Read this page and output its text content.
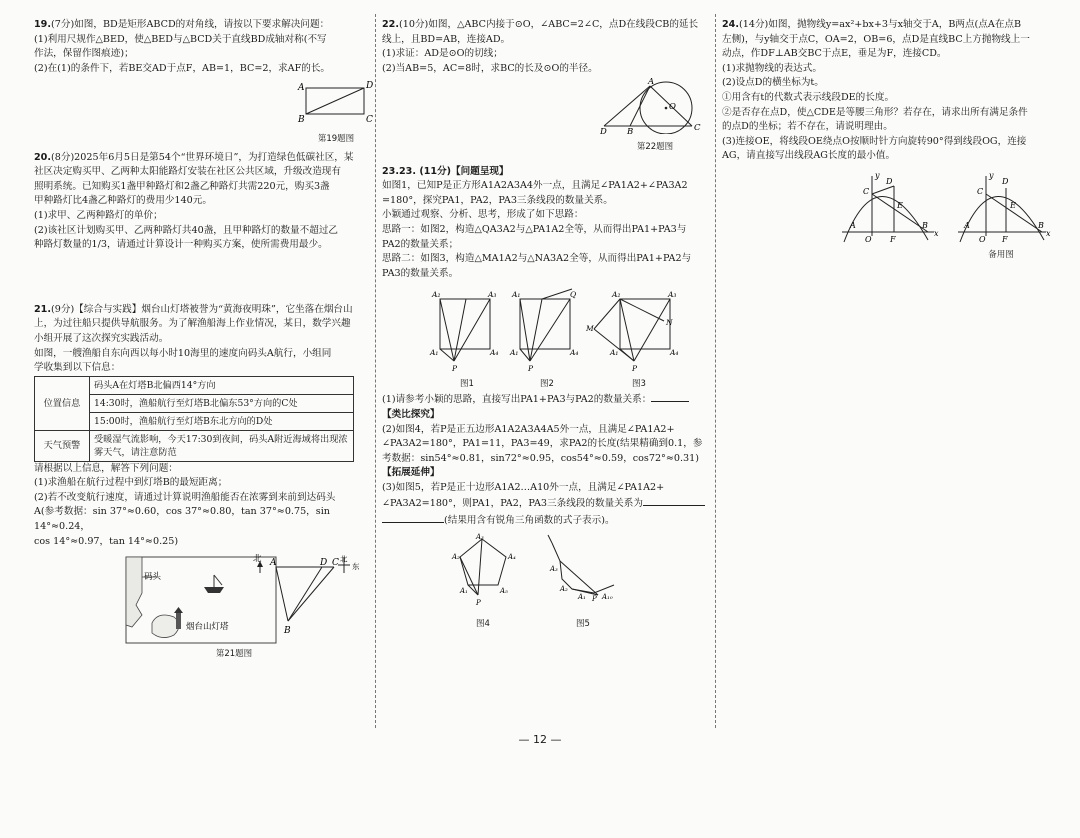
19.(7分)如图，BD是矩形ABCD的对角线，请按以下要求解决问题：

(1)利用尺规作△BED，使△BED与△BCD关于直线BD成轴对称(不写

作法，保留作图痕迹)；

(2)在(1)的条件下，若BE交AD于点F，AB=1，BC=2，求AF的长。

A	D
B	C
第19题图

20.(8分)2025年6月5日是第54个“世界环境日”，为打造绿色低碳社区，某

社区决定购买甲、乙两种太阳能路灯安装在社区公共区域，升级改造现有

照明系统。已知购买1盏甲种路灯和2盏乙种路灯共需220元，购买3盏

甲种路灯比4盏乙种路灯的费用少140元。

(1)求甲、乙两种路灯的单价；

(2)该社区计划购买甲、乙两种路灯共40盏，且甲种路灯的数量不超过乙

种路灯数量的1/3，请通过计算设计一种购买方案，使所需费用最少。

21.(9分)【综合与实践】烟台山灯塔被誉为“黄海夜明珠”，它坐落在烟台山

上，为过往船只提供导航服务。为了解渔船海上作业情况，某日，数学兴趣

小组开展了这次探究实践活动。

如图，一艘渔船自东向西以每小时10海里的速度向码头A航行，小组同

学收集到以下信息：

位置信息	码头A在灯塔B北偏西14°方向
	14:30时，渔船航行至灯塔B北偏东53°方向的C处
	15:00时，渔船航行至灯塔B东北方向的D处
天气预警	受暖湿气流影响，今天17:30到夜间，码头A附近海域将出现浓雾天气，请注意防范

请根据以上信息，解答下列问题：

(1)求渔船在航行过程中到灯塔B的最短距离；

(2)若不改变航行速度，请通过计算说明渔船能否在浓雾到来前到达码头

A(参考数据：sin 37°≈0.60，cos 37°≈0.80，tan 37°≈0.75，sin 14°≈0.24，

cos 14°≈0.97，tan 14°≈0.25)

码头
北
烟台山灯塔
A	D C
B
北
东
第21题图

22.(10分)如图，△ABC内接于⊙O，∠ABC=2∠C，点D在线段CB的延长

线上，且BD=AB，连接AD。

(1)求证：AD是⊙O的切线；

(2)当AB=5，AC=8时，求BC的长及⊙O的半径。

A
O
D B	C
第22题图

23.23. (11分)【问题呈现】

如图1，已知P是正方形A1A2A3A4外一点，且满足∠PA1A2+∠PA3A2

=180°，探究PA1，PA2，PA3三条线段的数量关系。

小颖通过观察、分析、思考，形成了如下思路：

思路一：如图2，构造△QA3A2与△PA1A2全等，从而得出PA1+PA3与

PA2的数量关系；

思路二：如图3，构造△MA1A2与△NA3A2全等，从而得出PA1+PA2与

PA3的数量关系。

A₂	A₃
A₁	A₄
P
A₁	Q
A₁	A₄
P
A₂	A₃
M
N
A₁	A₄
P
图1	图2	图3

(1)请参考小颖的思路，直接写出PA1+PA3与PA2的数量关系：

【类比探究】

(2)如图4，若P是正五边形A1A2A3A4A5外一点，且满足∠PA1A2+

∠PA3A2=180°，PA1=11，PA3=49，求PA2的长度(结果精确到0.1，参

考数据：sin54°≈0.81，sin72°≈0.95，cos54°≈0.59，cos72°≈0.31)

【拓展延伸】

(3)如图5，若P是正十边形A1A2…A10外一点，且满足∠PA1A2+

∠PA3A2=180°，则PA1，PA2，PA3三条线段的数量关系为

(结果用含有锐角三角函数的式子表示)。

A₃
A₂	A₄
A₁	A₅
P
A₃
A₂
A₁ P A₁₀
图4	图5

24.(14分)如图，抛物线y=ax²+bx+3与x轴交于A，B两点(点A在点B

左侧)，与y轴交于点C，OA=2，OB=6，点D是直线BC上方抛物线上一

动点，作DF⊥AB交BC于点E，垂足为F，连接CD。

(1)求抛物线的表达式。

(2)设点D的横坐标为t。

①用含有t的代数式表示线段DE的长度。

②是否存在点D，使△CDE是等腰三角形？若存在，请求出所有满足条件

的点D的坐标；若不存在，请说明理由。

(3)连接OE，将线段OE绕点O按顺时针方向旋转90°得到线段OG，连接

AG，请直接写出线段AG长度的最小值。

y
D
C
E
A
O F
B
x
y
C
D
E
A
O F
B
x
备用图
— 12 —
